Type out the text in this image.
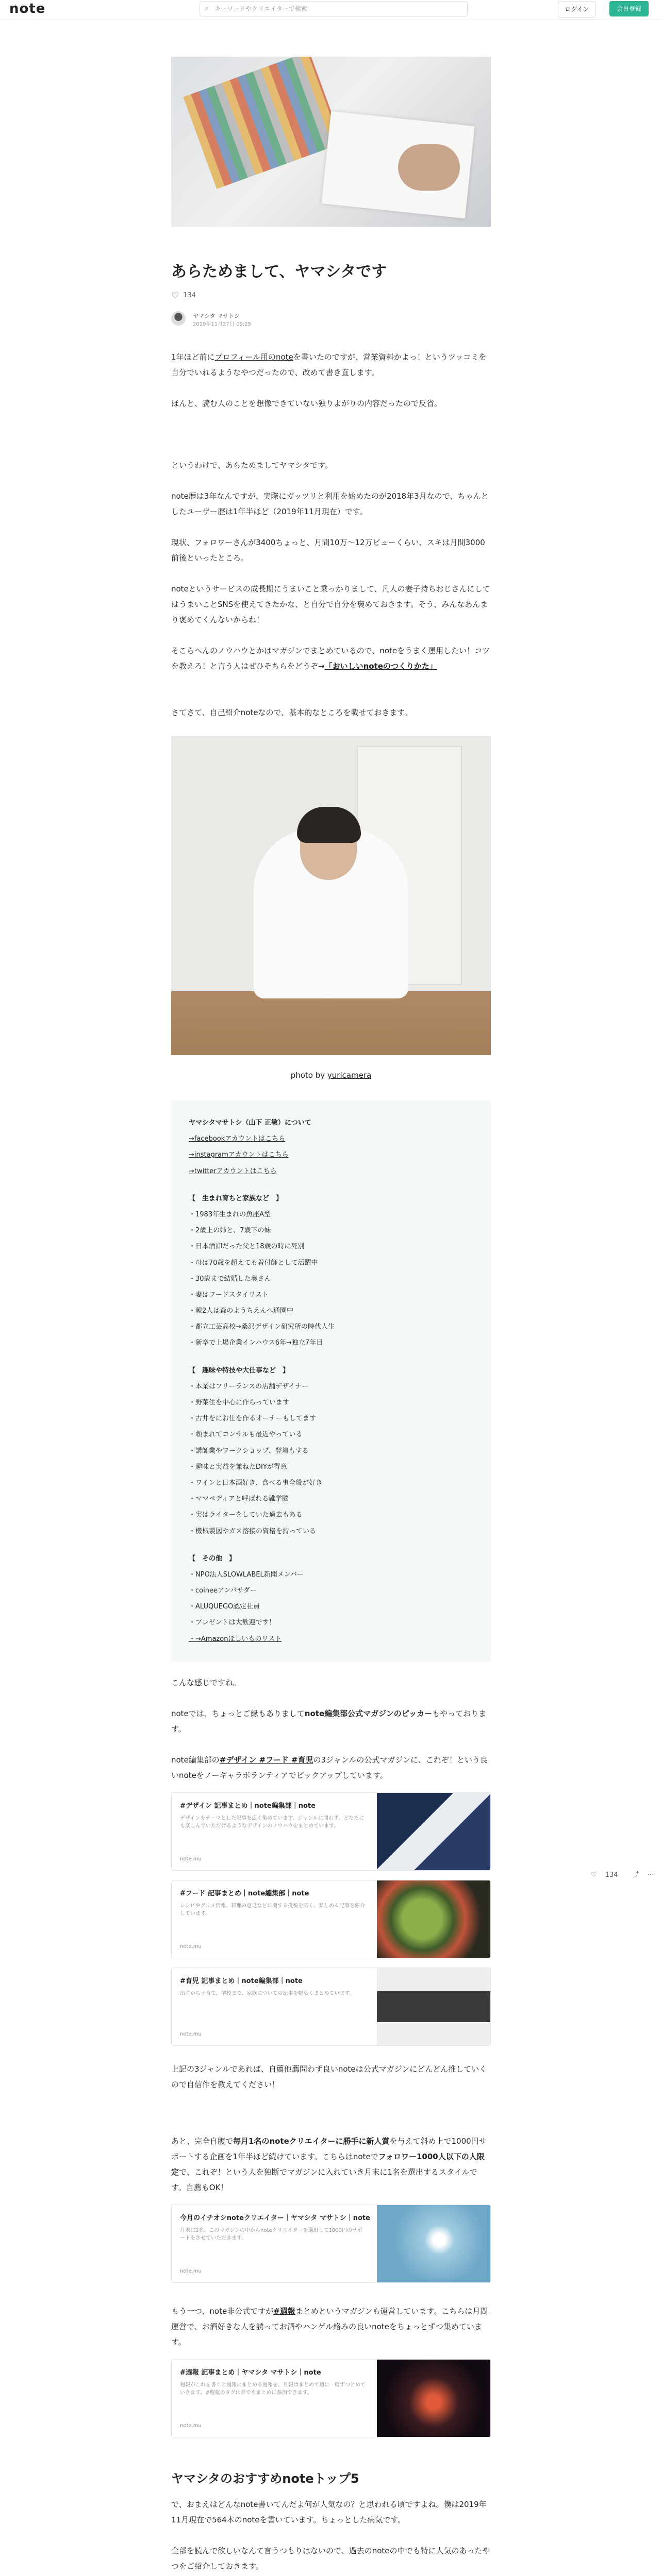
note	⌕ キーワードやクリエイターで検索	ログイン	会員登録
あらためまして、ヤマシタです
♡ 134
ヤマシタ マサトシ
2019年11月27日 09:25

1年ほど前にプロフィール用のnoteを書いたのですが、営業資料かよっ！というツッコミを自分でいれるようなやつだったので、改めて書き直します。

ほんと、読む人のことを想像できていない独りよがりの内容だったので反省。

というわけで、あらためましてヤマシタです。

note歴は3年なんですが、実際にガッツリと利用を始めたのが2018年3月なので、ちゃんとしたユーザー歴は1年半ほど（2019年11月現在）です。

現状、フォロワーさんが3400ちょっと、月間10万〜12万ビューくらい、スキは月間3000前後といったところ。

noteというサービスの成長期にうまいこと乗っかりまして、凡人の妻子持ちおじさんにしてはうまいことSNSを使えてきたかな、と自分で自分を褒めておきます。そう、みんなあんまり褒めてくんないからね！

そこらへんのノウハウとかはマガジンでまとめているので、noteをうまく運用したい！コツを教えろ！と言う人はぜひそちらをどうぞ→「おいしいnoteのつくりかた」

さてさて、自己紹介noteなので、基本的なところを載せておきます。

photo by yuricamera
ヤマシタマサトシ（山下 正敏）について
→facebookアカウントはこちら
→instagramアカウントはこちら
→twitterアカウントはこちら
【　生まれ育ちと家族など　】
・1983年生まれの魚座A型
・2歳上の姉と、7歳下の妹
・日本酒卸だった父と18歳の時に死別
・母は70歳を超えても着付師として活躍中
・30歳まで結婚した奥さん
・妻はフードスタイリスト
・親2人は森のようちえんへ通園中
・都立工芸高校→桑沢デザイン研究所の時代人生
・新卒で上場企業インハウス6年→独立7年目
【　趣味や特技や大仕事など　】
・本業はフリーランスの店舗デザイナー
・野菜住を中心に作らっています
・古井をにお仕を作るオーナーもしてます
・頼まれてコンサルも最近やっている
・講師業やワークショップ、登壇もする
・趣味と実益を兼ねたDIYが得意
・ワインと日本酒好き、食べる事全般が好き
・ママペディアと呼ばれる雑学脳
・実はライターをしていた過去もある
・機械製図やガス溶接の資格を持っている
【　その他　】
・NPO法人SLOWLABEL新聞メンバー
・coineeアンバサダー
・ALUQUEGO認定社員
・プレゼントは大歓迎です！
・→Amazonほしいものリスト

こんな感じですね。

noteでは、ちょっとご縁もありましてnote編集部公式マガジンのピッカーもやっております。

note編集部の#デザイン #フード #育児の3ジャンルの公式マガジンに、これぞ！という良いnoteをノーギャラボランティアでピックアップしています。

#デザイン 記事まとめ｜note編集部｜note
デザインをテーマとした記事を広く集めています。ジャンルに問わず、どなたにも楽しんでいただけるようなデザインのノウハウをまとめています。
note.mu
#フード 記事まとめ｜note編集部｜note
レシピやグルメ情報、料理の意見などに関する投稿を広く、楽しめる記事を紹介しています。
note.mu
#育児 記事まとめ｜note編集部｜note
出産から子育て、学校まで、家族についての記事を幅広くまとめています。
note.mu

上記の3ジャンルであれば、自薦他薦問わず良いnoteは公式マガジンにどんどん推していくので自信作を教えてください！

あと、完全自腹で毎月1名のnoteクリエイターに勝手に新人賞を与えて斜め上で1000円サポートする企画を1年半ほど続けています。こちらはnoteでフォロワー1000人以下の人限定で、これぞ！という人を独断でマガジンに入れていき月末に1名を選出するスタイルです。自薦もOK！

今月のイチオシnoteクリエイター｜ヤマシタ マサトシ｜note
月末に1名、このマガジンの中からnoteクリエイターを選出して1000円のサポートをさせていただきます。
note.mu

もう一つ、note非公式ですが#週報まとめというマガジンも運営しています。こちらは月間運営で、お酒好きな人を誘ってお酒やハンゲル絡みの良いnoteをちょっとずつ集めています。

#週報 記事まとめ｜ヤマシタ マサトシ｜note
週報がこれを書くと週報にまとめる週報を、月報はまとめて週に一度ずつとめていきます。#週報のタグは誰でもまとめに参加できます。
note.mu
ヤマシタのおすすめnoteトップ5

で、おまえはどんなnote書いてんだよ何が人気なの？と思われる頃ですよね。僕は2019年11月現在で564本のnoteを書いています。ちょっとした病気です。

全部を読んで欲しいなんて言うつもりはないので、過去のnoteの中でも特に人気のあったやつをご紹介しておきます。

♡ 134 ⤴ ⋯
